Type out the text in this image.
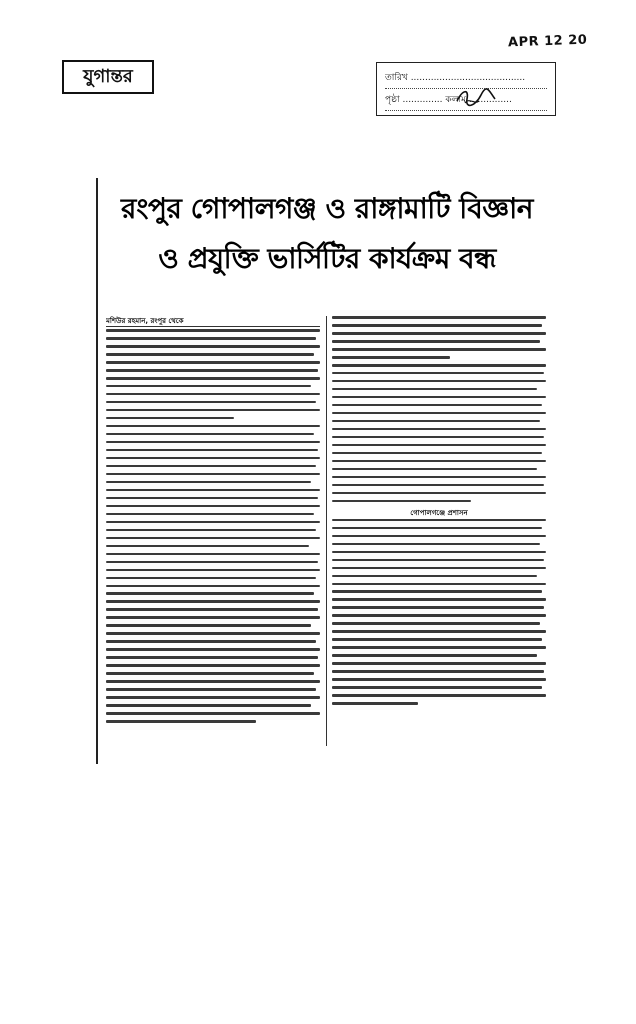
APR 12 20
যুগান্তর	তারিখ ........................................
পৃষ্ঠা .............. কলাম ...............
রংপুর গোপালগঞ্জ ও রাঙ্গামাটি বিজ্ঞান
ও প্রযুক্তি ভার্সিটির কার্যক্রম বন্ধ
মশিউর রহমান, রংপুর থেকে
গোপালগঞ্জে প্রশাসন
